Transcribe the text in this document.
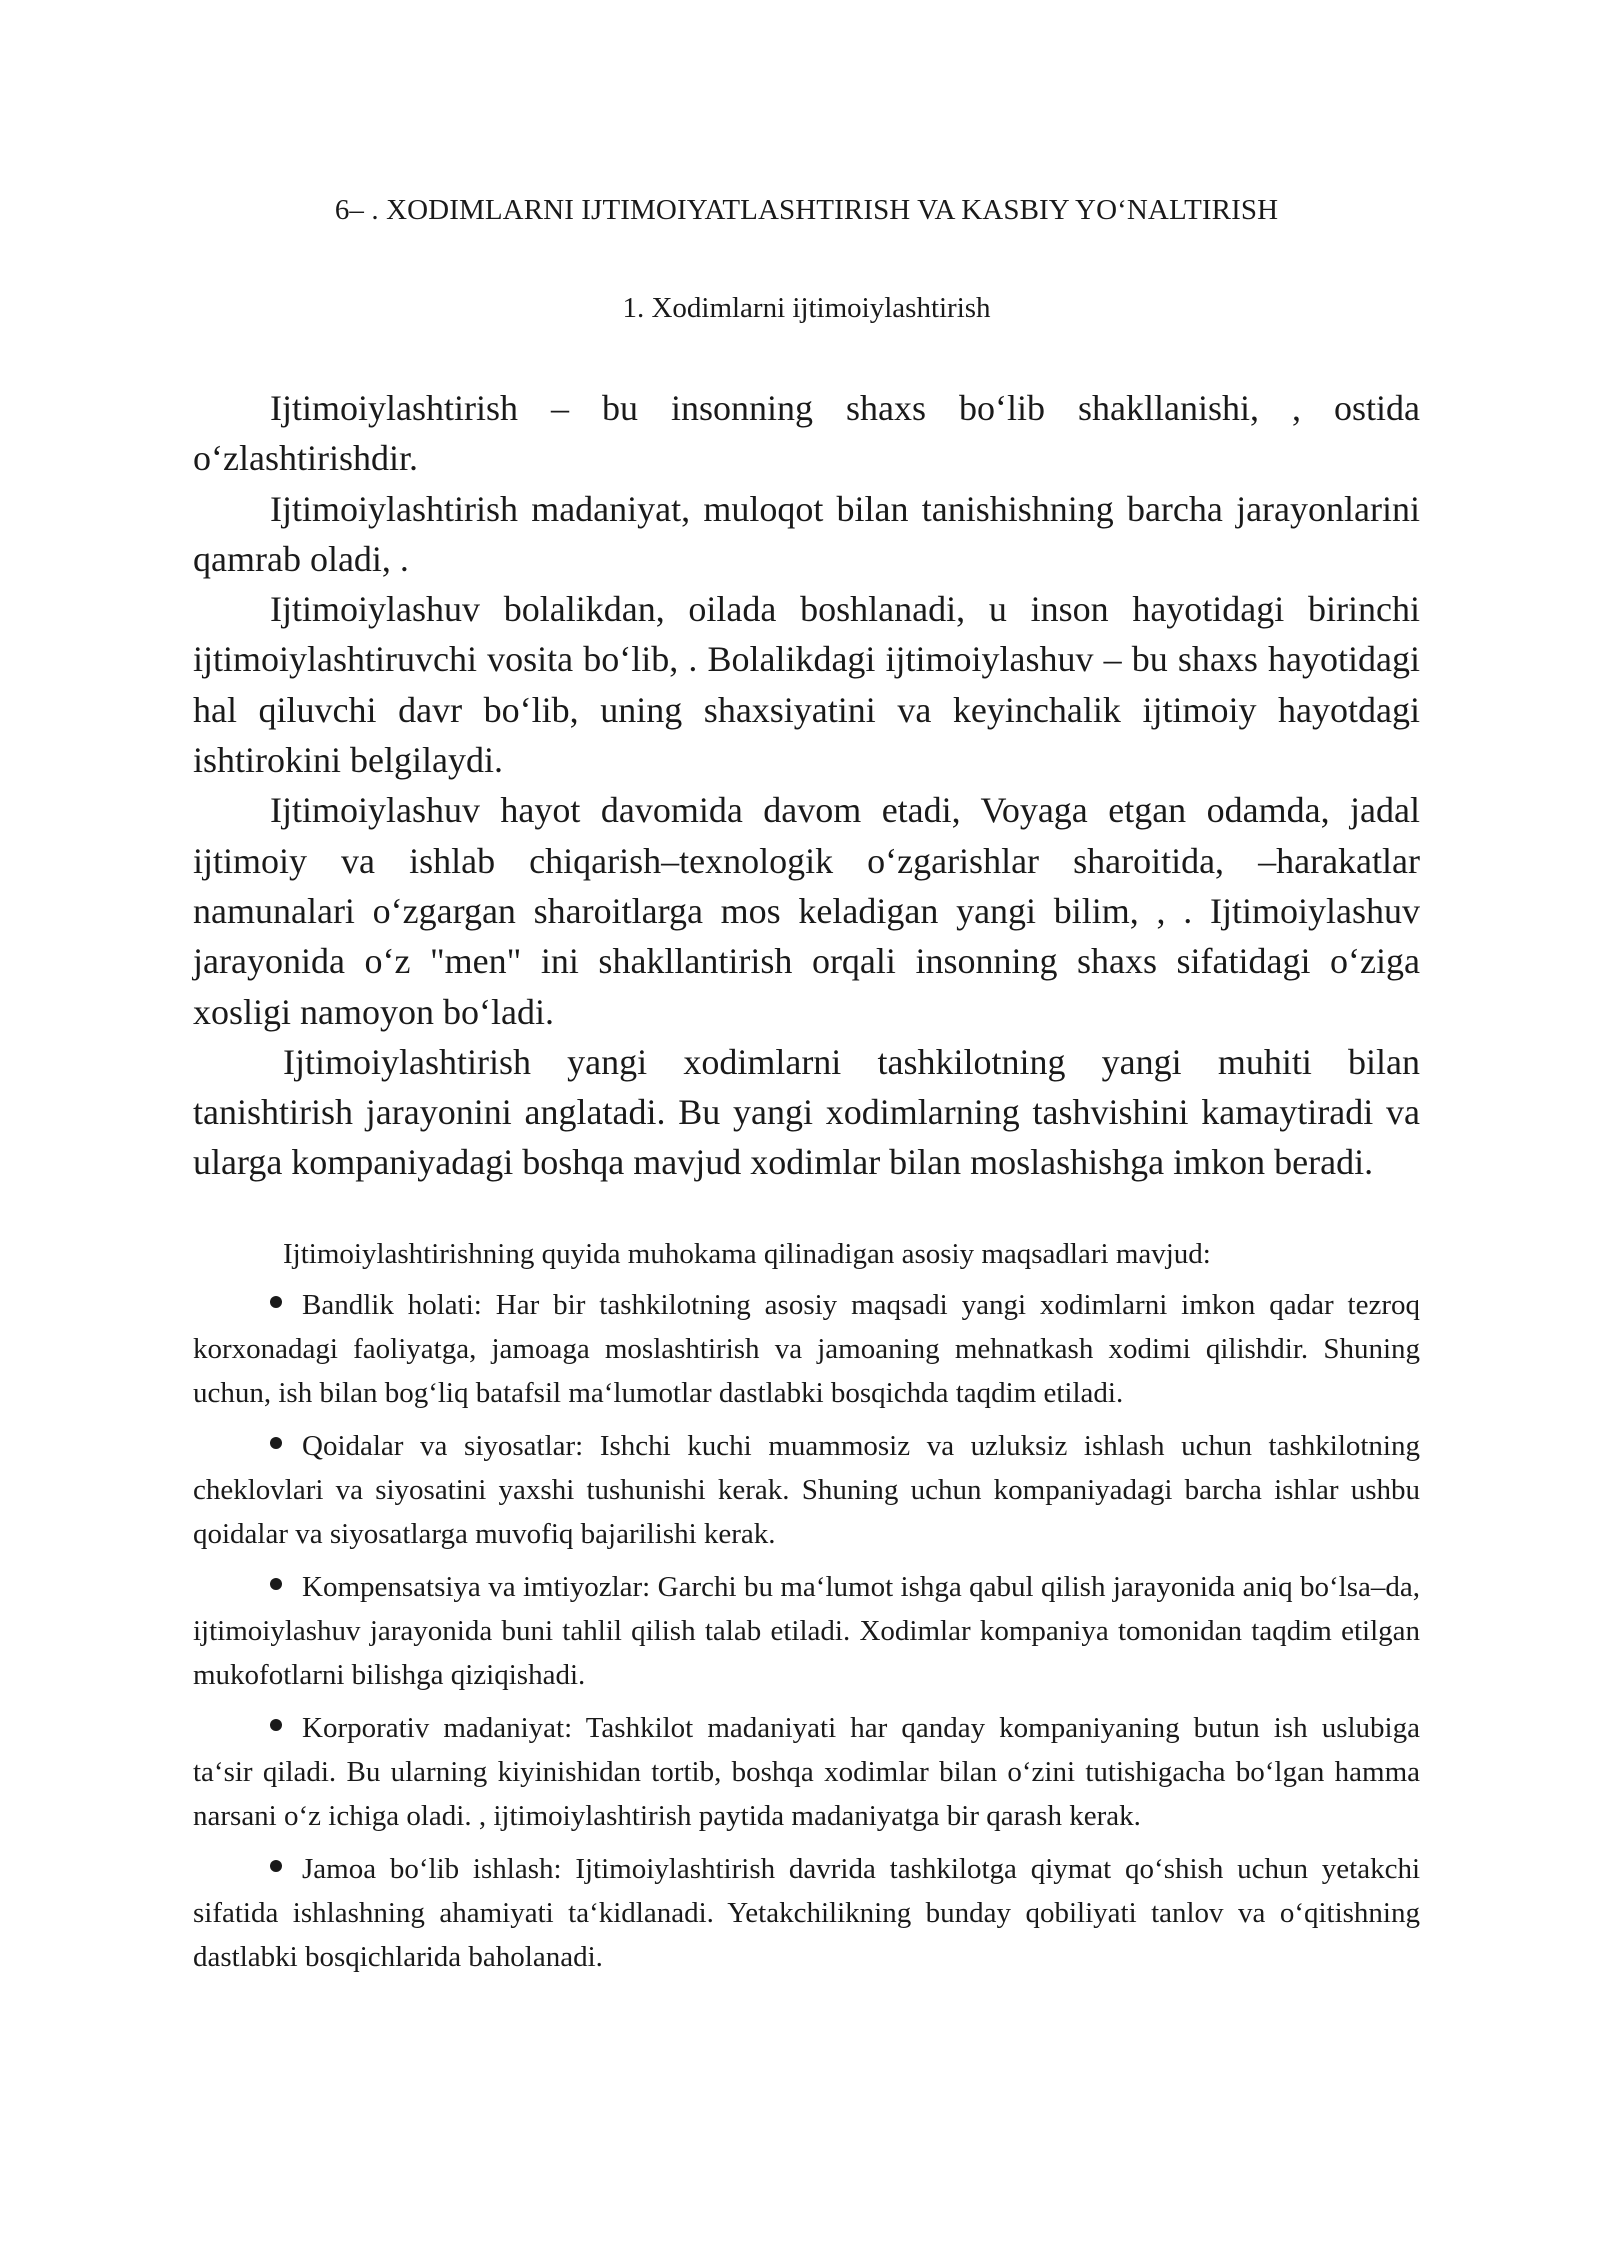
6– . XODIMLARNI IJTIMOIYATLASHTIRISH VA KASBIY YO‘NALTIRISH
1. Xodimlarni ijtimoiylashtirish

Ijtimoiylashtirish – bu insonning shaxs bo‘lib shakllanishi, , ostida o‘zlashtirishdir.

Ijtimoiylashtirish madaniyat, muloqot bilan tanishishning barcha jarayonlarini qamrab oladi, .

Ijtimoiylashuv bolalikdan, oilada boshlanadi, u inson hayotidagi birinchi ijtimoiylashtiruvchi vosita bo‘lib, . Bolalikdagi ijtimoiylashuv – bu shaxs hayotidagi hal qiluvchi davr bo‘lib, uning shaxsiyatini va keyinchalik ijtimoiy hayotdagi ishtirokini belgilaydi.

Ijtimoiylashuv hayot davomida davom etadi, Voyaga etgan odamda, jadal ijtimoiy va ishlab chiqarish–texnologik o‘zgarishlar sharoitida, –harakatlar namunalari o‘zgargan sharoitlarga mos keladigan yangi bilim, , . Ijtimoiylashuv jarayonida o‘z "men" ini shakllantirish orqali insonning shaxs sifatidagi o‘ziga xosligi namoyon bo‘ladi.

Ijtimoiylashtirish yangi xodimlarni tashkilotning yangi muhiti bilan tanishtirish jarayonini anglatadi. Bu yangi xodimlarning tashvishini kamaytiradi va ularga kompaniyadagi boshqa mavjud xodimlar bilan moslashishga imkon beradi.

Ijtimoiylashtirishning quyida muhokama qilinadigan asosiy maqsadlari mavjud:

Bandlik holati: Har bir tashkilotning asosiy maqsadi yangi xodimlarni imkon qadar tezroq korxonadagi faoliyatga, jamoaga moslashtirish va jamoaning mehnatkash xodimi qilishdir. Shuning uchun, ish bilan bog‘liq batafsil ma‘lumotlar dastlabki bosqichda taqdim etiladi.

Qoidalar va siyosatlar: Ishchi kuchi muammosiz va uzluksiz ishlash uchun tashkilotning cheklovlari va siyosatini yaxshi tushunishi kerak. Shuning uchun kompaniyadagi barcha ishlar ushbu qoidalar va siyosatlarga muvofiq bajarilishi kerak.

Kompensatsiya va imtiyozlar: Garchi bu ma‘lumot ishga qabul qilish jarayonida aniq bo‘lsa–da, ijtimoiylashuv jarayonida buni tahlil qilish talab etiladi. Xodimlar kompaniya tomonidan taqdim etilgan mukofotlarni bilishga qiziqishadi.

Korporativ madaniyat: Tashkilot madaniyati har qanday kompaniyaning butun ish uslubiga ta‘sir qiladi. Bu ularning kiyinishidan tortib, boshqa xodimlar bilan o‘zini tutishigacha bo‘lgan hamma narsani o‘z ichiga oladi. , ijtimoiylashtirish paytida madaniyatga bir qarash kerak.

Jamoa bo‘lib ishlash: Ijtimoiylashtirish davrida tashkilotga qiymat qo‘shish uchun yetakchi sifatida ishlashning ahamiyati ta‘kidlanadi. Yetakchilikning bunday qobiliyati tanlov va o‘qitishning dastlabki bosqichlarida baholanadi.
